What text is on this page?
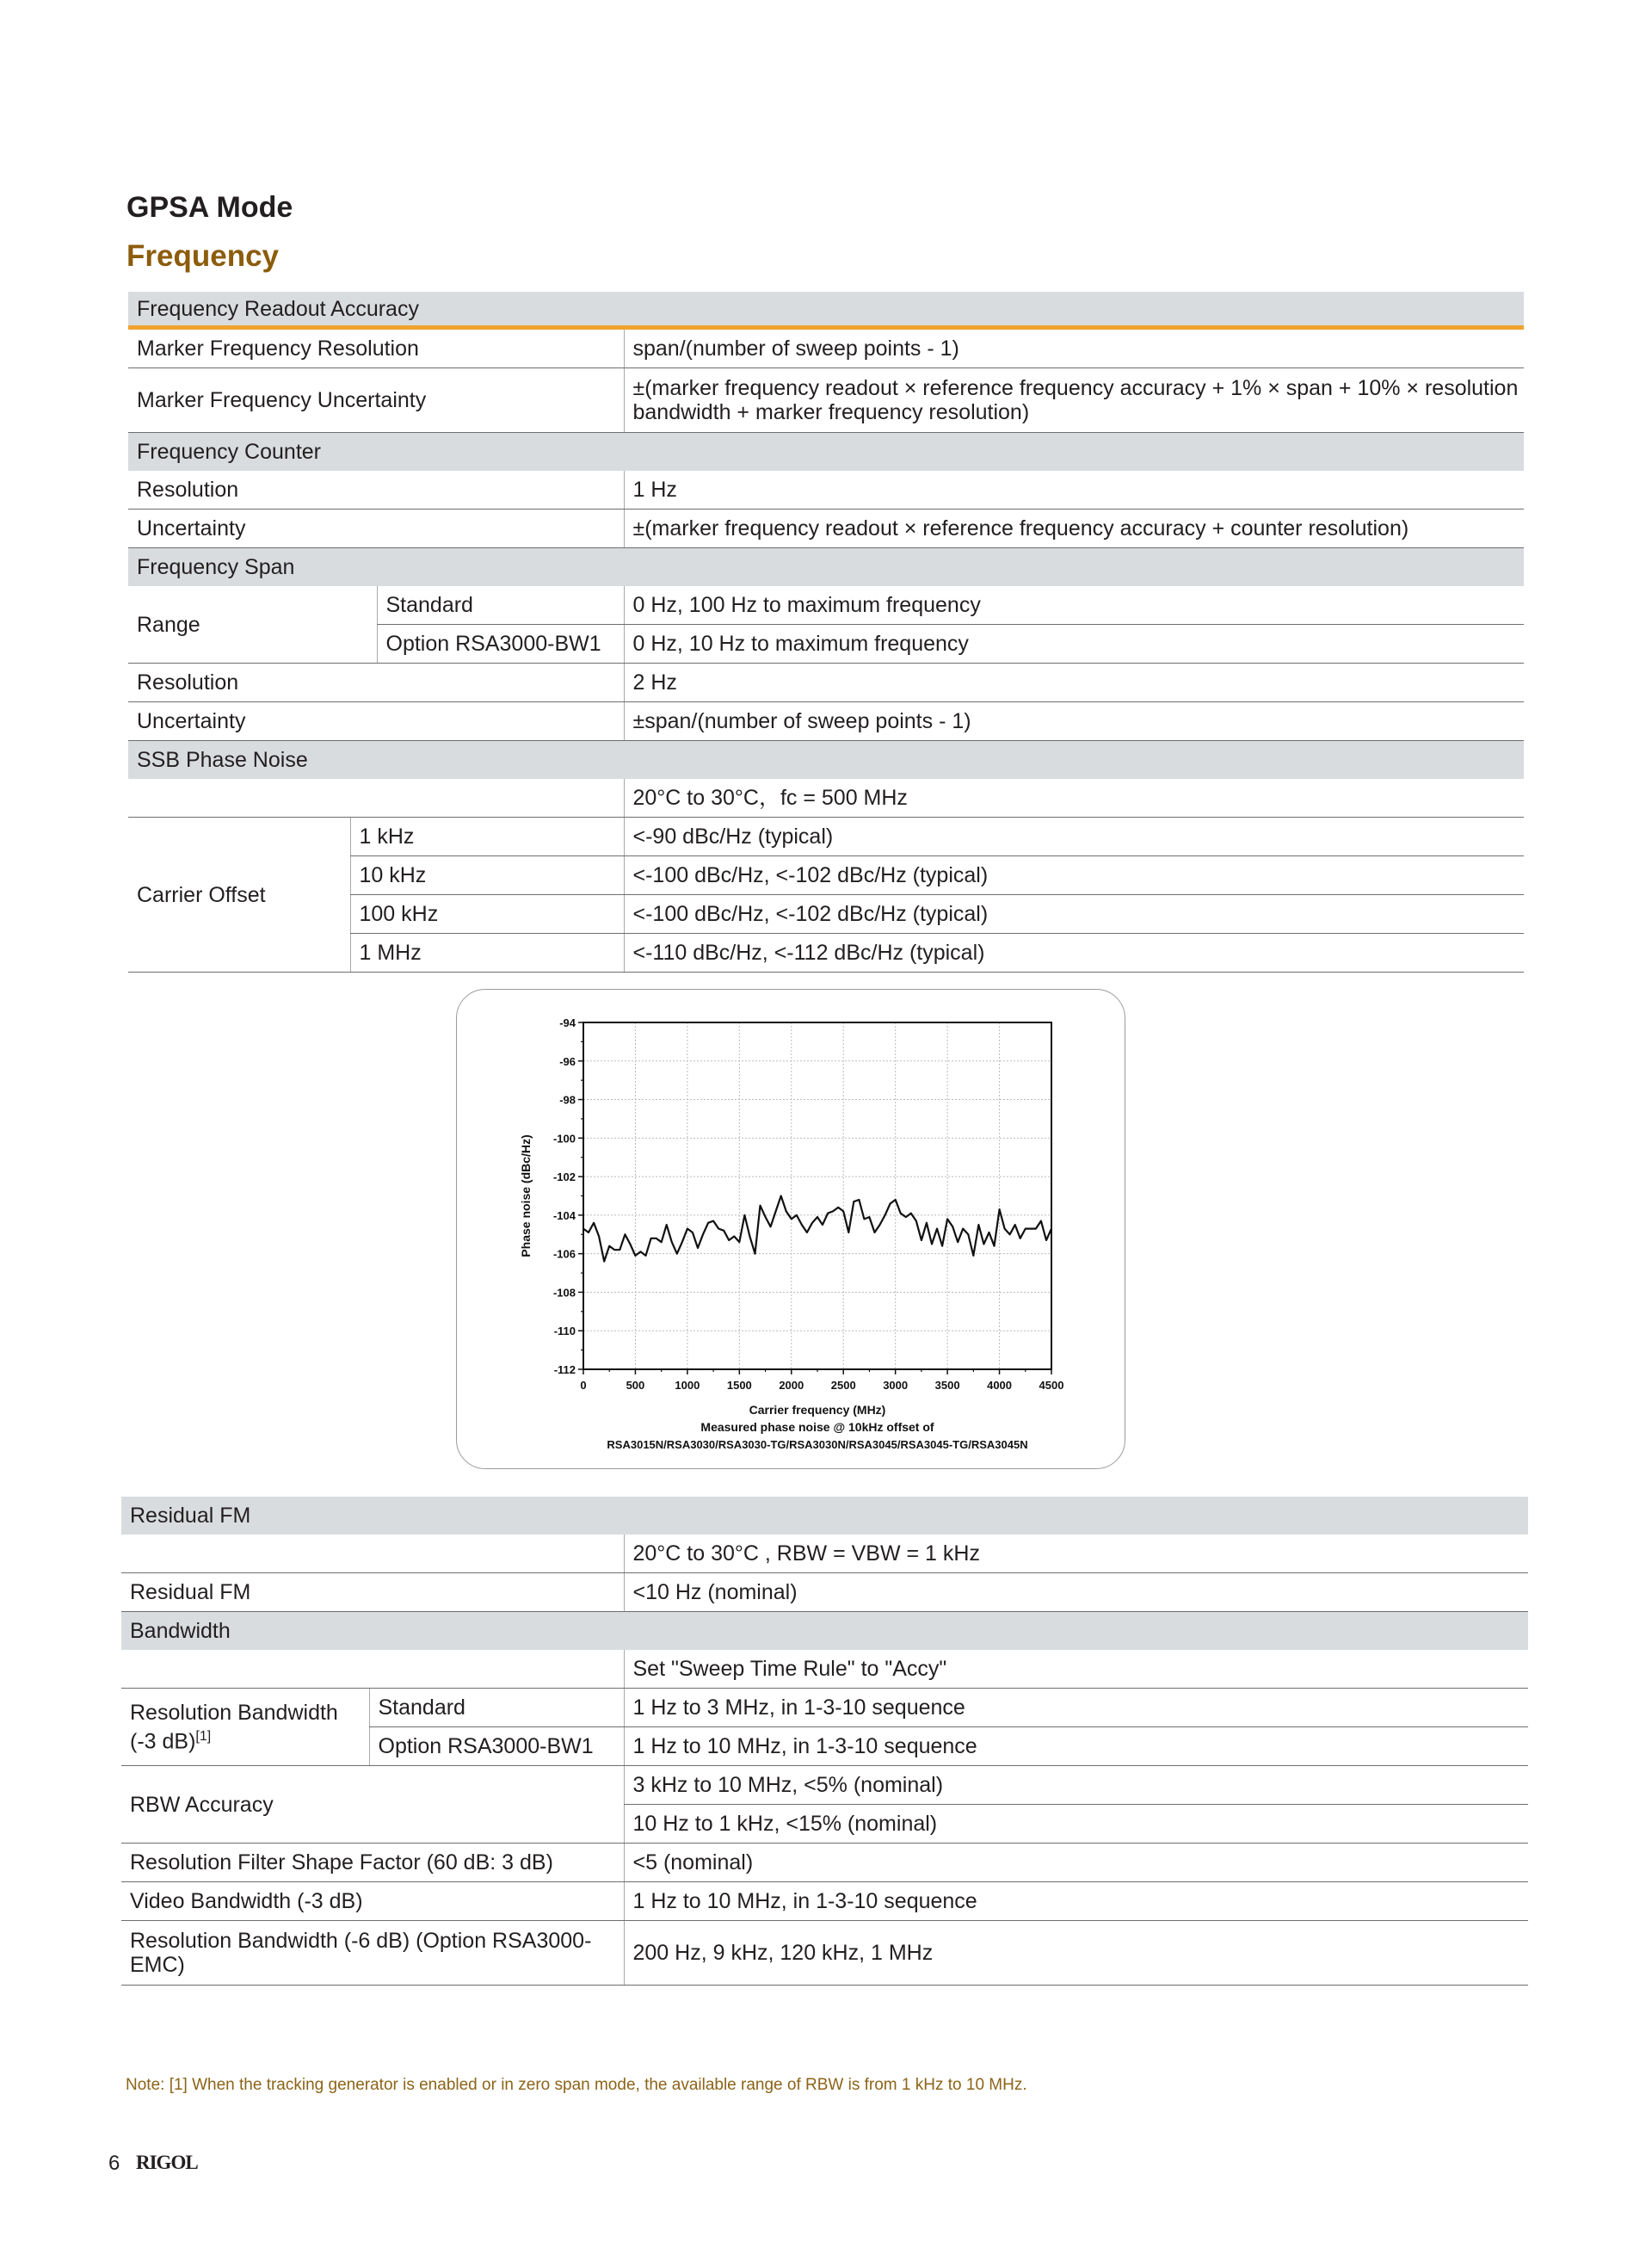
GPSA Mode
Frequency
Frequency Readout Accuracy			
Marker Frequency Resolution			span/(number of sweep points - 1)
Marker Frequency Uncertainty			±(marker frequency readout × reference frequency accuracy + 1% × span + 10% × resolution bandwidth + marker frequency resolution)
Frequency Counter			
Resolution			1 Hz
Uncertainty			±(marker frequency readout × reference frequency accuracy + counter resolution)
Frequency Span			
Range		Standard	0 Hz, 100 Hz to maximum frequency
		Option RSA3000-BW1	0 Hz, 10 Hz to maximum frequency
Resolution			2 Hz
Uncertainty			±span/(number of sweep points - 1)
SSB Phase Noise			
			20°C to 30°C，fc = 500 MHz
Carrier Offset	1 kHz		<-90 dBc/Hz (typical)
	10 kHz		<-100 dBc/Hz, <-102 dBc/Hz (typical)
	100 kHz		<-100 dBc/Hz, <-102 dBc/Hz (typical)
	1 MHz		<-110 dBc/Hz, <-112 dBc/Hz (typical)
0	500	1000 1500 2000 2500 3000 3500 4000 4500
-94
-96
-98
-100
-102
-104
-106
-108
-110
-112
Carrier frequency (MHz)
Measured phase noise @ 10kHz offset of
RSA3015N/RSA3030/RSA3030-TG/RSA3030N/RSA3045/RSA3045-TG/RSA3045N
Phase noise (dBc/Hz)
Residual FM		
		20°C to 30°C , RBW = VBW = 1 kHz
Residual FM		<10 Hz (nominal)
Bandwidth		
		Set "Sweep Time Rule" to "Accy"
Resolution Bandwidth (-3 dB)[1]	Standard	1 Hz to 3 MHz, in 1-3-10 sequence
	Option RSA3000-BW1	1 Hz to 10 MHz, in 1-3-10 sequence
RBW Accuracy		3 kHz to 10 MHz, <5% (nominal)
		10 Hz to 1 kHz, <15% (nominal)
Resolution Filter Shape Factor (60 dB: 3 dB)		<5 (nominal)
Video Bandwidth (-3 dB)		1 Hz to 10 MHz, in 1-3-10 sequence
Resolution Bandwidth (-6 dB) (Option RSA3000-EMC)		200 Hz, 9 kHz, 120 kHz, 1 MHz
Note: [1] When the tracking generator is enabled or in zero span mode, the available range of RBW is from 1 kHz to 10 MHz.
6 RIGOL
